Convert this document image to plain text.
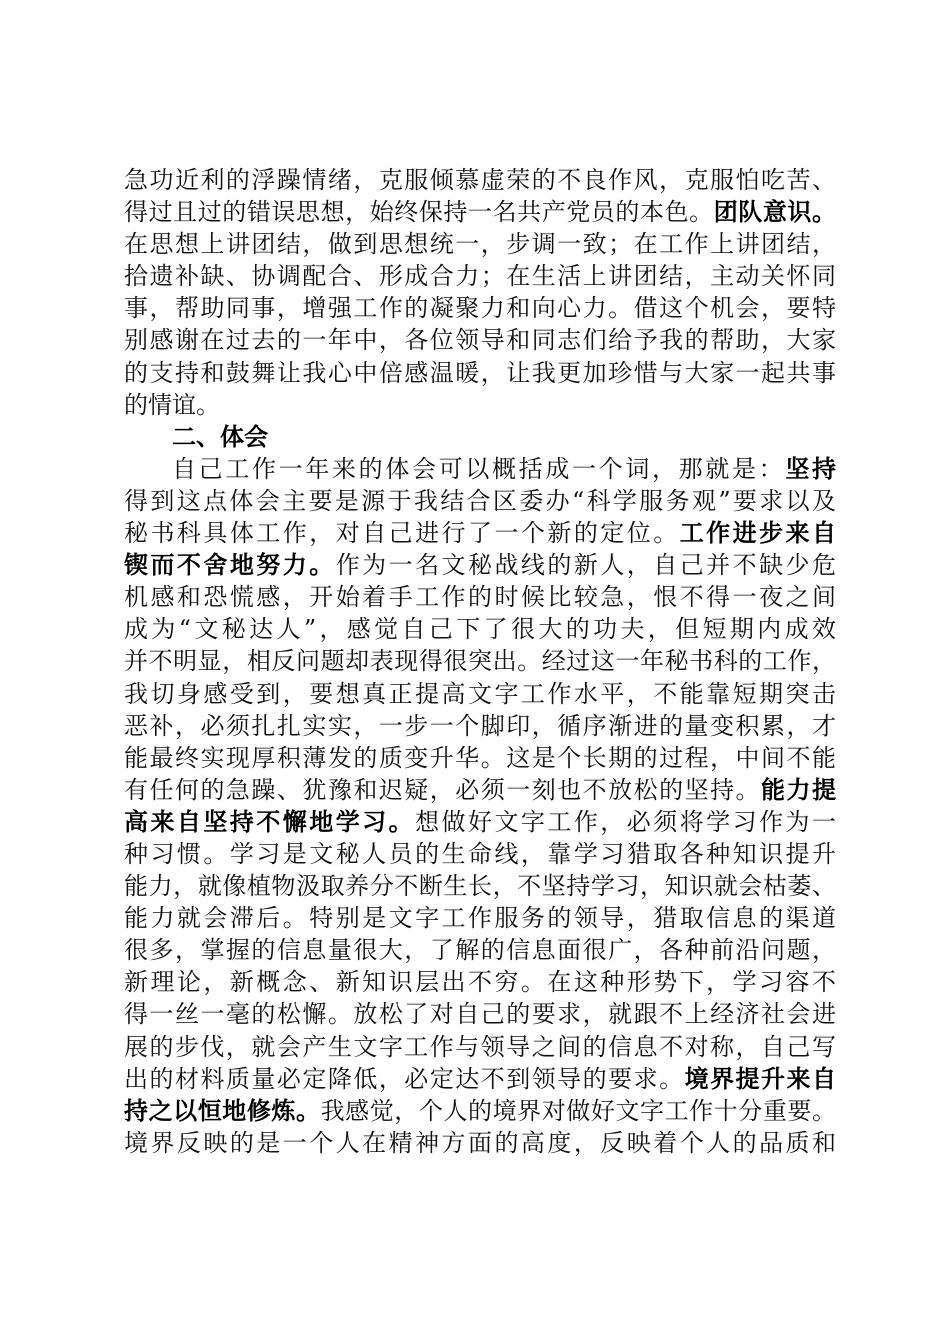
急功近利的浮躁情绪，克服倾慕虚荣的不良作风，克服怕吃苦、
得过且过的错误思想，始终保持一名共产党员的本色。团队意识。
在思想上讲团结，做到思想统一，步调一致；在工作上讲团结，
拾遗补缺、协调配合、形成合力；在生活上讲团结，主动关怀同
事，帮助同事，增强工作的凝聚力和向心力。借这个机会，要特
别感谢在过去的一年中，各位领导和同志们给予我的帮助，大家
的支持和鼓舞让我心中倍感温暖，让我更加珍惜与大家一起共事
的情谊。
二、体会
自己工作一年来的体会可以概括成一个词，那就是：坚持
得到这点体会主要是源于我结合区委办“科学服务观”要求以及
秘书科具体工作，对自己进行了一个新的定位。工作进步来自
锲而不舍地努力。作为一名文秘战线的新人，自己并不缺少危
机感和恐慌感，开始着手工作的时候比较急，恨不得一夜之间
成为“文秘达人”，感觉自己下了很大的功夫，但短期内成效
并不明显，相反问题却表现得很突出。经过这一年秘书科的工作，
我切身感受到，要想真正提高文字工作水平，不能靠短期突击
恶补，必须扎扎实实，一步一个脚印，循序渐进的量变积累，才
能最终实现厚积薄发的质变升华。这是个长期的过程，中间不能
有任何的急躁、犹豫和迟疑，必须一刻也不放松的坚持。能力提
高来自坚持不懈地学习。想做好文字工作，必须将学习作为一
种习惯。学习是文秘人员的生命线，靠学习猎取各种知识提升
能力，就像植物汲取养分不断生长，不坚持学习，知识就会枯萎、
能力就会滞后。特别是文字工作服务的领导，猎取信息的渠道
很多，掌握的信息量很大，了解的信息面很广，各种前沿问题，
新理论，新概念、新知识层出不穷。在这种形势下，学习容不
得一丝一毫的松懈。放松了对自己的要求，就跟不上经济社会进
展的步伐，就会产生文字工作与领导之间的信息不对称，自己写
出的材料质量必定降低，必定达不到领导的要求。境界提升来自
持之以恒地修炼。我感觉，个人的境界对做好文字工作十分重要。
境界反映的是一个人在精神方面的高度，反映着个人的品质和
